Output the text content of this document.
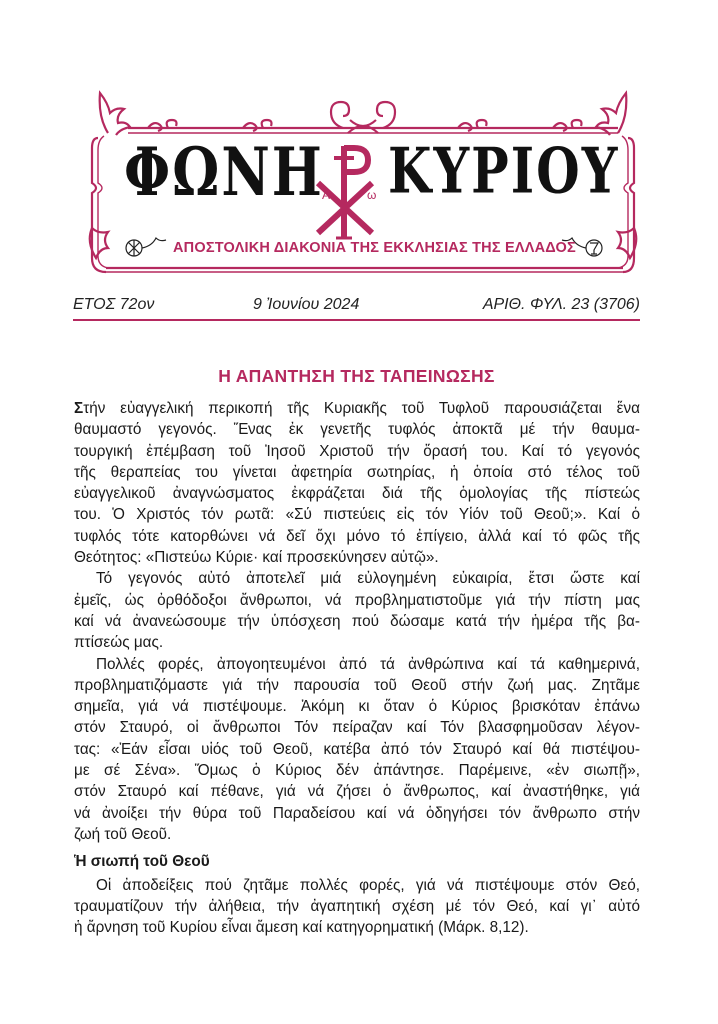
ΦΩΝΗ ΚΥΡΙΟΥ
Α	ω
ΑΠΟΣΤΟΛΙΚΗ ΔΙΑΚΟΝΙΑ ΤΗΣ ΕΚΚΛΗΣΙΑΣ ΤΗΣ ΕΛΛΑΔΟΣ
ΕΤΟΣ 72ον	9 Ἰουνίου 2024	ΑΡΙΘ. ΦΥΛ. 23 (3706)
Η ΑΠΑΝΤΗΣΗ ΤΗΣ ΤΑΠΕΙΝΩΣΗΣ

Στήν εὐαγγελική περικοπή τῆς Κυριακῆς τοῦ Τυφλοῦ παρουσιάζεται ἕνα
θαυμαστό γεγονός. Ἕνας ἐκ γενετῆς τυφλός ἀποκτᾶ μέ τήν θαυμα-
τουργική ἐπέμβαση τοῦ Ἰησοῦ Χριστοῦ τήν ὅρασή του. Καί τό γεγονός
τῆς θεραπείας του γίνεται ἀφετηρία σωτηρίας, ἡ ὁποία στό τέλος τοῦ
εὐαγγελικοῦ ἀναγνώσματος ἐκφράζεται διά τῆς ὁμολογίας τῆς πίστεώς
του. Ὁ Χριστός τόν ρωτᾶ: «Σύ πιστεύεις εἰς τόν Υἱόν τοῦ Θεοῦ;». Καί ὁ
τυφλός τότε κατορθώνει νά δεῖ ὄχι μόνο τό ἐπίγειο, ἀλλά καί τό φῶς τῆς
Θεότητος: «Πιστεύω Κύριε· καί προσεκύνησεν αὐτῷ».

Τό γεγονός αὐτό ἀποτελεῖ μιά εὐλογημένη εὐκαιρία, ἔτσι ὥστε καί
ἐμεῖς, ὡς ὀρθόδοξοι ἄνθρωποι, νά προβληματιστοῦμε γιά τήν πίστη μας
καί νά ἀνανεώσουμε τήν ὑπόσχεση πού δώσαμε κατά τήν ἡμέρα τῆς βα-
πτίσεώς μας.

Πολλές φορές, ἀπογοητευμένοι ἀπό τά ἀνθρώπινα καί τά καθημερινά,
προβληματιζόμαστε γιά τήν παρουσία τοῦ Θεοῦ στήν ζωή μας. Ζητᾶμε
σημεῖα, γιά νά πιστέψουμε. Ἀκόμη κι ὅταν ὁ Κύριος βρισκόταν ἐπάνω
στόν Σταυρό, οἱ ἄνθρωποι Τόν πείραζαν καί Τόν βλασφημοῦσαν λέγον-
τας: «Ἐάν εἶσαι υἱός τοῦ Θεοῦ, κατέβα ἀπό τόν Σταυρό καί θά πιστέψου-
με σέ Σένα». Ὅμως ὁ Κύριος δέν ἀπάντησε. Παρέμεινε, «ἐν σιωπῇ»,
στόν Σταυρό καί πέθανε, γιά νά ζήσει ὁ ἄνθρωπος, καί ἀναστήθηκε, γιά
νά ἀνοίξει τήν θύρα τοῦ Παραδείσου καί νά ὁδηγήσει τόν ἄνθρωπο στήν
ζωή τοῦ Θεοῦ.

Ἡ σιωπή τοῦ Θεοῦ

Οἱ ἀποδείξεις πού ζητᾶμε πολλές φορές, γιά νά πιστέψουμε στόν Θεό,
τραυματίζουν τήν ἀλήθεια, τήν ἀγαπητική σχέση μέ τόν Θεό, καί γι᾽ αὐτό
ἡ ἄρνηση τοῦ Κυρίου εἶναι ἄμεση καί κατηγορηματική (Μάρκ. 8,12).
